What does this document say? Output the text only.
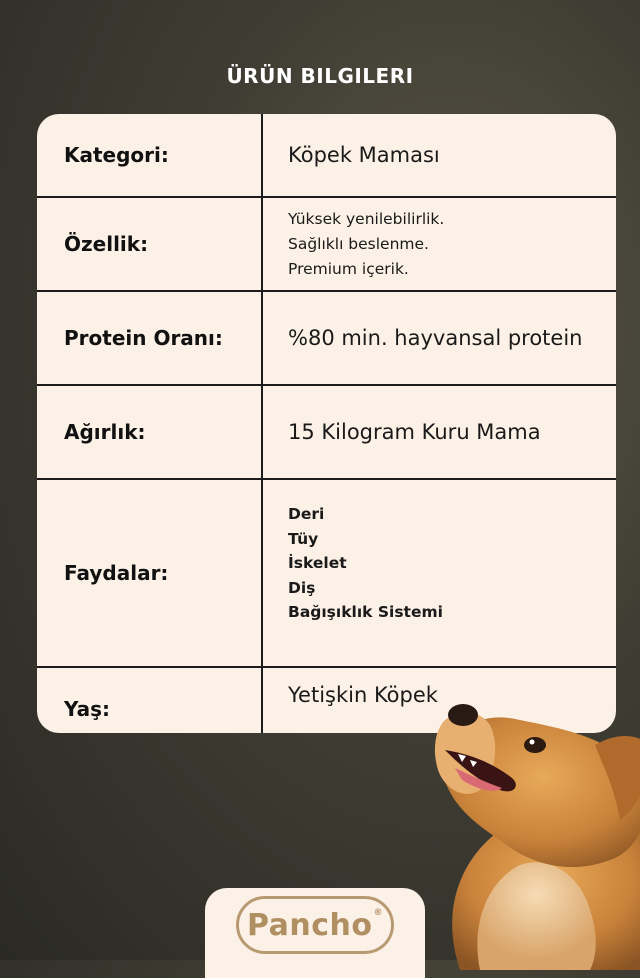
ÜRÜN BILGILERI
Kategori:	Köpek Maması
Özellik:
Yüksek yenilebilirlik.
Sağlıklı beslenme.
Premium içerik.
Protein Oranı:	%80 min. hayvansal protein
Ağırlık:	15 Kilogram Kuru Mama
Faydalar:
Deri
Tüy
İskelet
Diş
Bağışıklık Sistemi
Yaş:
Yetişkin Köpek
Pancho ®
